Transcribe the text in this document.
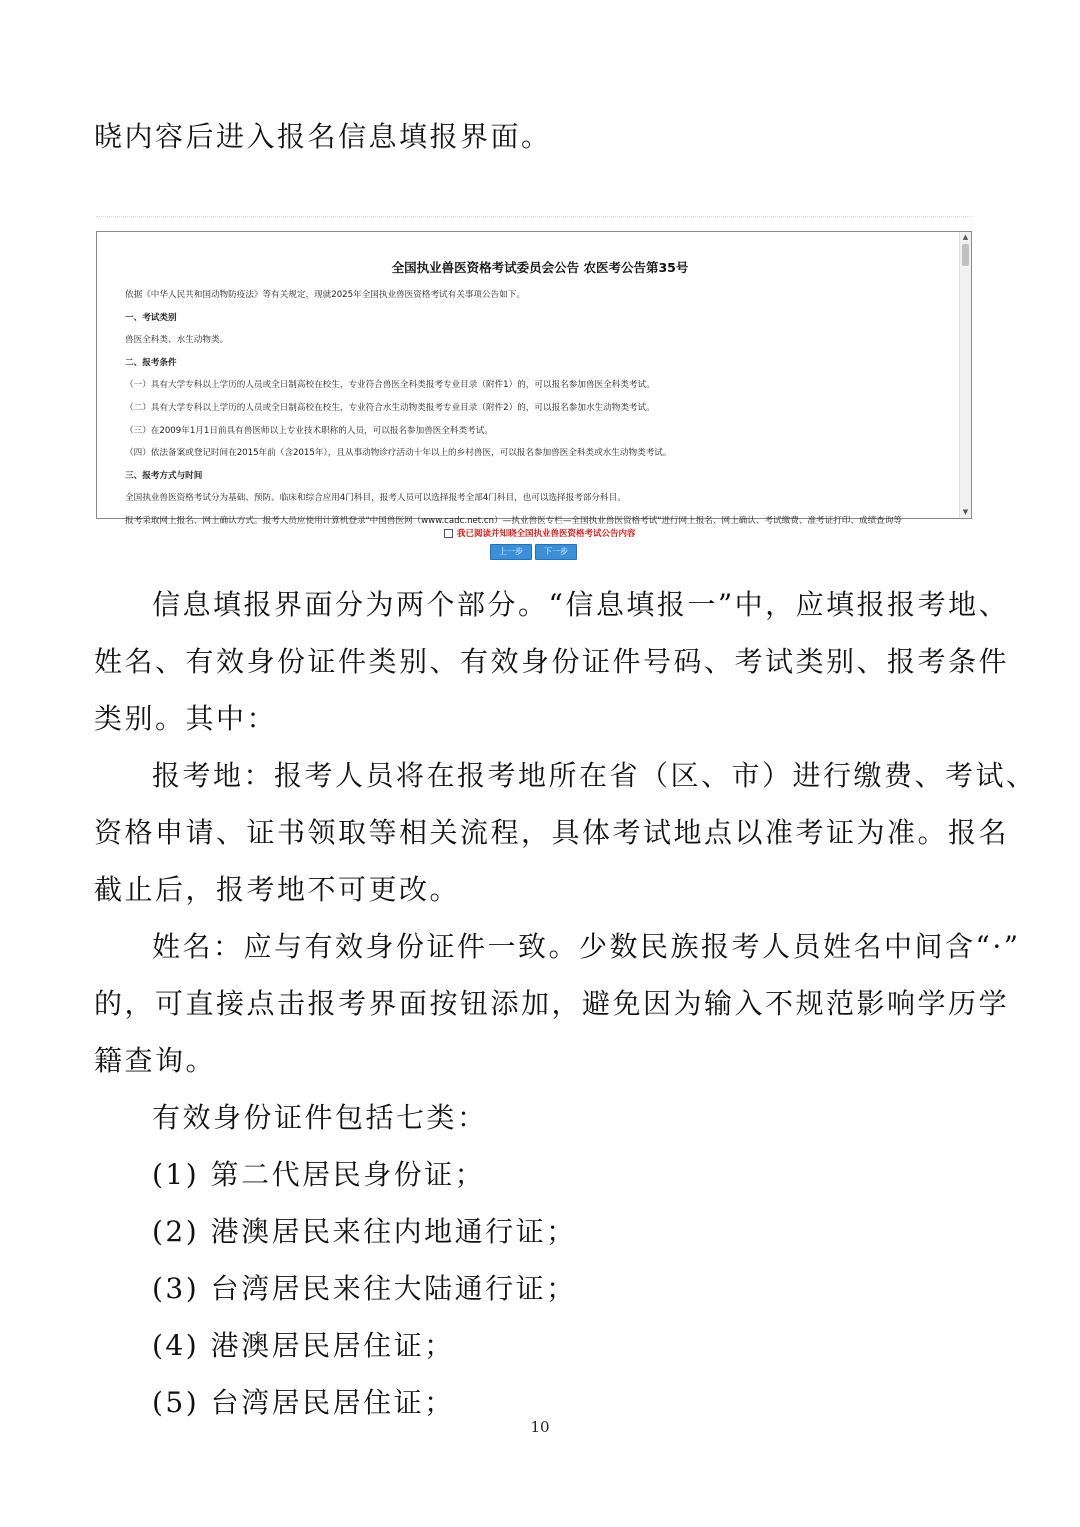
晓内容后进入报名信息填报界面。
全国执业兽医资格考试委员会公告 农医考公告第35号
依据《中华人民共和国动物防疫法》等有关规定，现就2025年全国执业兽医资格考试有关事项公告如下。
一、考试类别
兽医全科类、水生动物类。
二、报考条件
（一）具有大学专科以上学历的人员或全日制高校在校生，专业符合兽医全科类报考专业目录（附件1）的，可以报名参加兽医全科类考试。
（二）具有大学专科以上学历的人员或全日制高校在校生，专业符合水生动物类报考专业目录（附件2）的，可以报名参加水生动物类考试。
（三）在2009年1月1日前具有兽医师以上专业技术职称的人员，可以报名参加兽医全科类考试。
（四）依法备案或登记时间在2015年前（含2015年），且从事动物诊疗活动十年以上的乡村兽医，可以报名参加兽医全科类或水生动物类考试。
三、报考方式与时间
全国执业兽医资格考试分为基础、预防、临床和综合应用4门科目，报考人员可以选择报考全部4门科目，也可以选择报考部分科目。
报考采取网上报名、网上确认方式。报考人员应使用计算机登录"中国兽医网（www.cadc.net.cn）—执业兽医专栏—全国执业兽医资格考试"进行网上报名、网上确认、考试缴费、准考证打印、成绩查询等
▲
▼
我已阅读并知晓全国执业兽医资格考试公告内容
上一步	下一步
信息填报界面分为两个部分。“信息填报一”中，应填报报考地、
姓名、有效身份证件类别、有效身份证件号码、考试类别、报考条件
类别。其中：
报考地：报考人员将在报考地所在省（区、市）进行缴费、考试、
资格申请、证书领取等相关流程，具体考试地点以准考证为准。报名
截止后，报考地不可更改。
姓名：应与有效身份证件一致。少数民族报考人员姓名中间含“·”
的，可直接点击报考界面按钮添加，避免因为输入不规范影响学历学
籍查询。
有效身份证件包括七类：
(1) 第二代居民身份证；
(2) 港澳居民来往内地通行证；
(3) 台湾居民来往大陆通行证；
(4) 港澳居民居住证；
(5) 台湾居民居住证；
10
